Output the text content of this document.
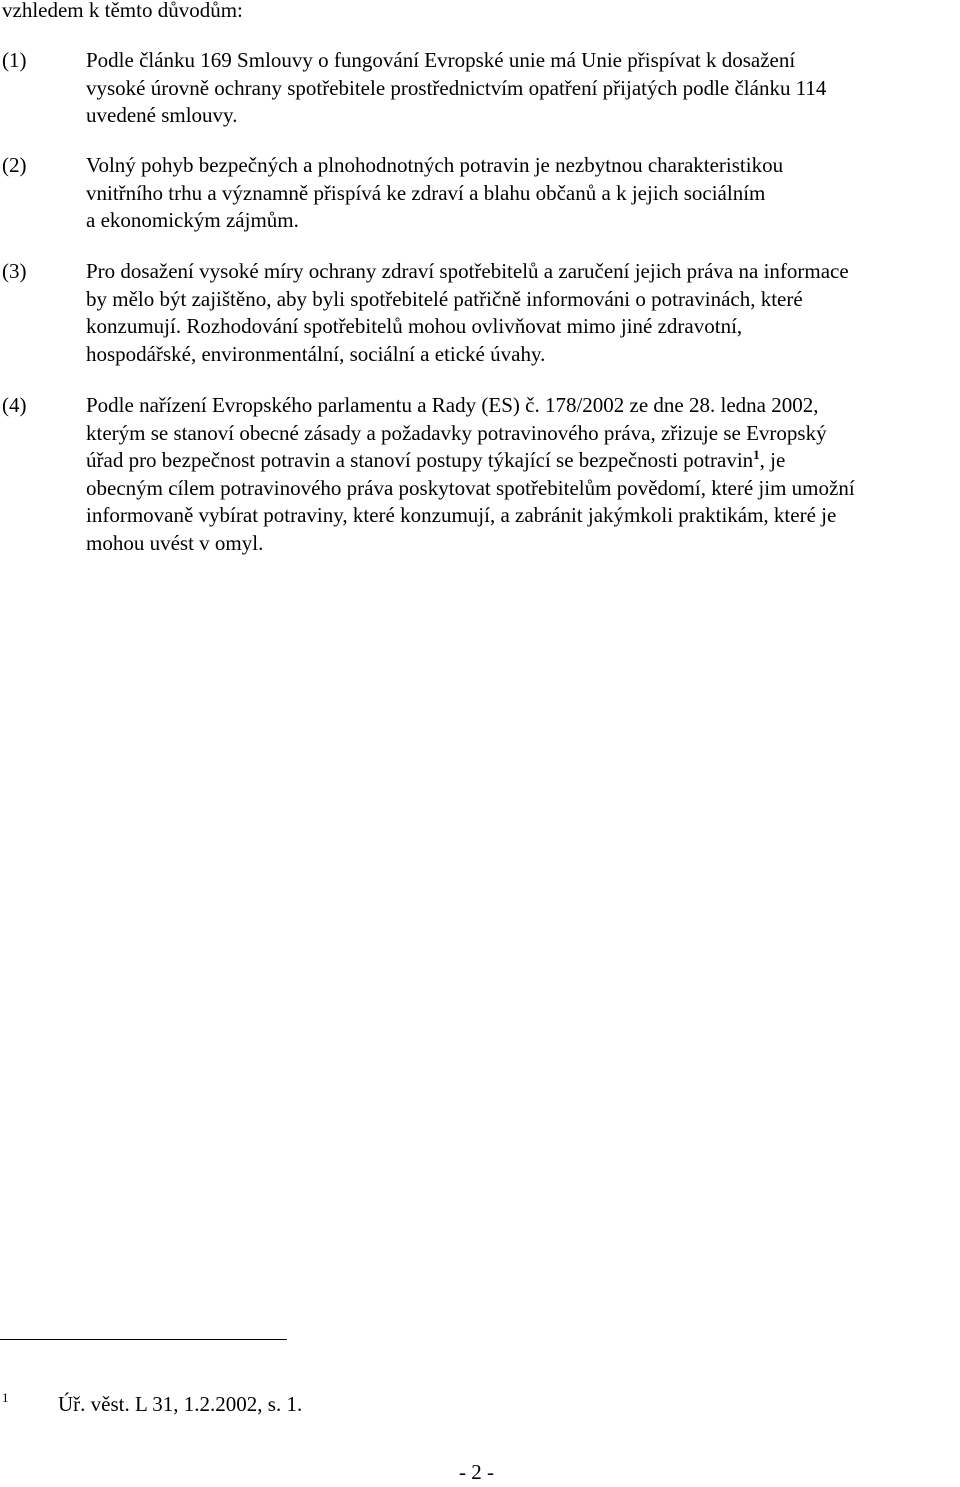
vzhledem k těmto důvodům:
(1)	Podle článku 169 Smlouvy o fungování Evropské unie má Unie přispívat k dosažení
vysoké úrovně ochrany spotřebitele prostřednictvím opatření přijatých podle článku 114
uvedené smlouvy.
(2)	Volný pohyb bezpečných a plnohodnotných potravin je nezbytnou charakteristikou
vnitřního trhu a významně přispívá ke zdraví a blahu občanů a k jejich sociálním
a ekonomickým zájmům.
(3)	Pro dosažení vysoké míry ochrany zdraví spotřebitelů a zaručení jejich práva na informace
by mělo být zajištěno, aby byli spotřebitelé patřičně informováni o potravinách, které
konzumují. Rozhodování spotřebitelů mohou ovlivňovat mimo jiné zdravotní,
hospodářské, environmentální, sociální a etické úvahy.
(4)	Podle nařízení Evropského parlamentu a Rady (ES) č. 178/2002 ze dne 28. ledna 2002,
kterým se stanoví obecné zásady a požadavky potravinového práva, zřizuje se Evropský
úřad pro bezpečnost potravin a stanoví postupy týkající se bezpečnosti potravin$^1$, je
obecným cílem potravinového práva poskytovat spotřebitelům povědomí, které jim umožní
informovaně vybírat potraviny, které konzumují, a zabránit jakýmkoli praktikám, které je
mohou uvést v omyl.
1 Úř. věst. L 31, 1.2.2002, s. 1.
- 2 -
